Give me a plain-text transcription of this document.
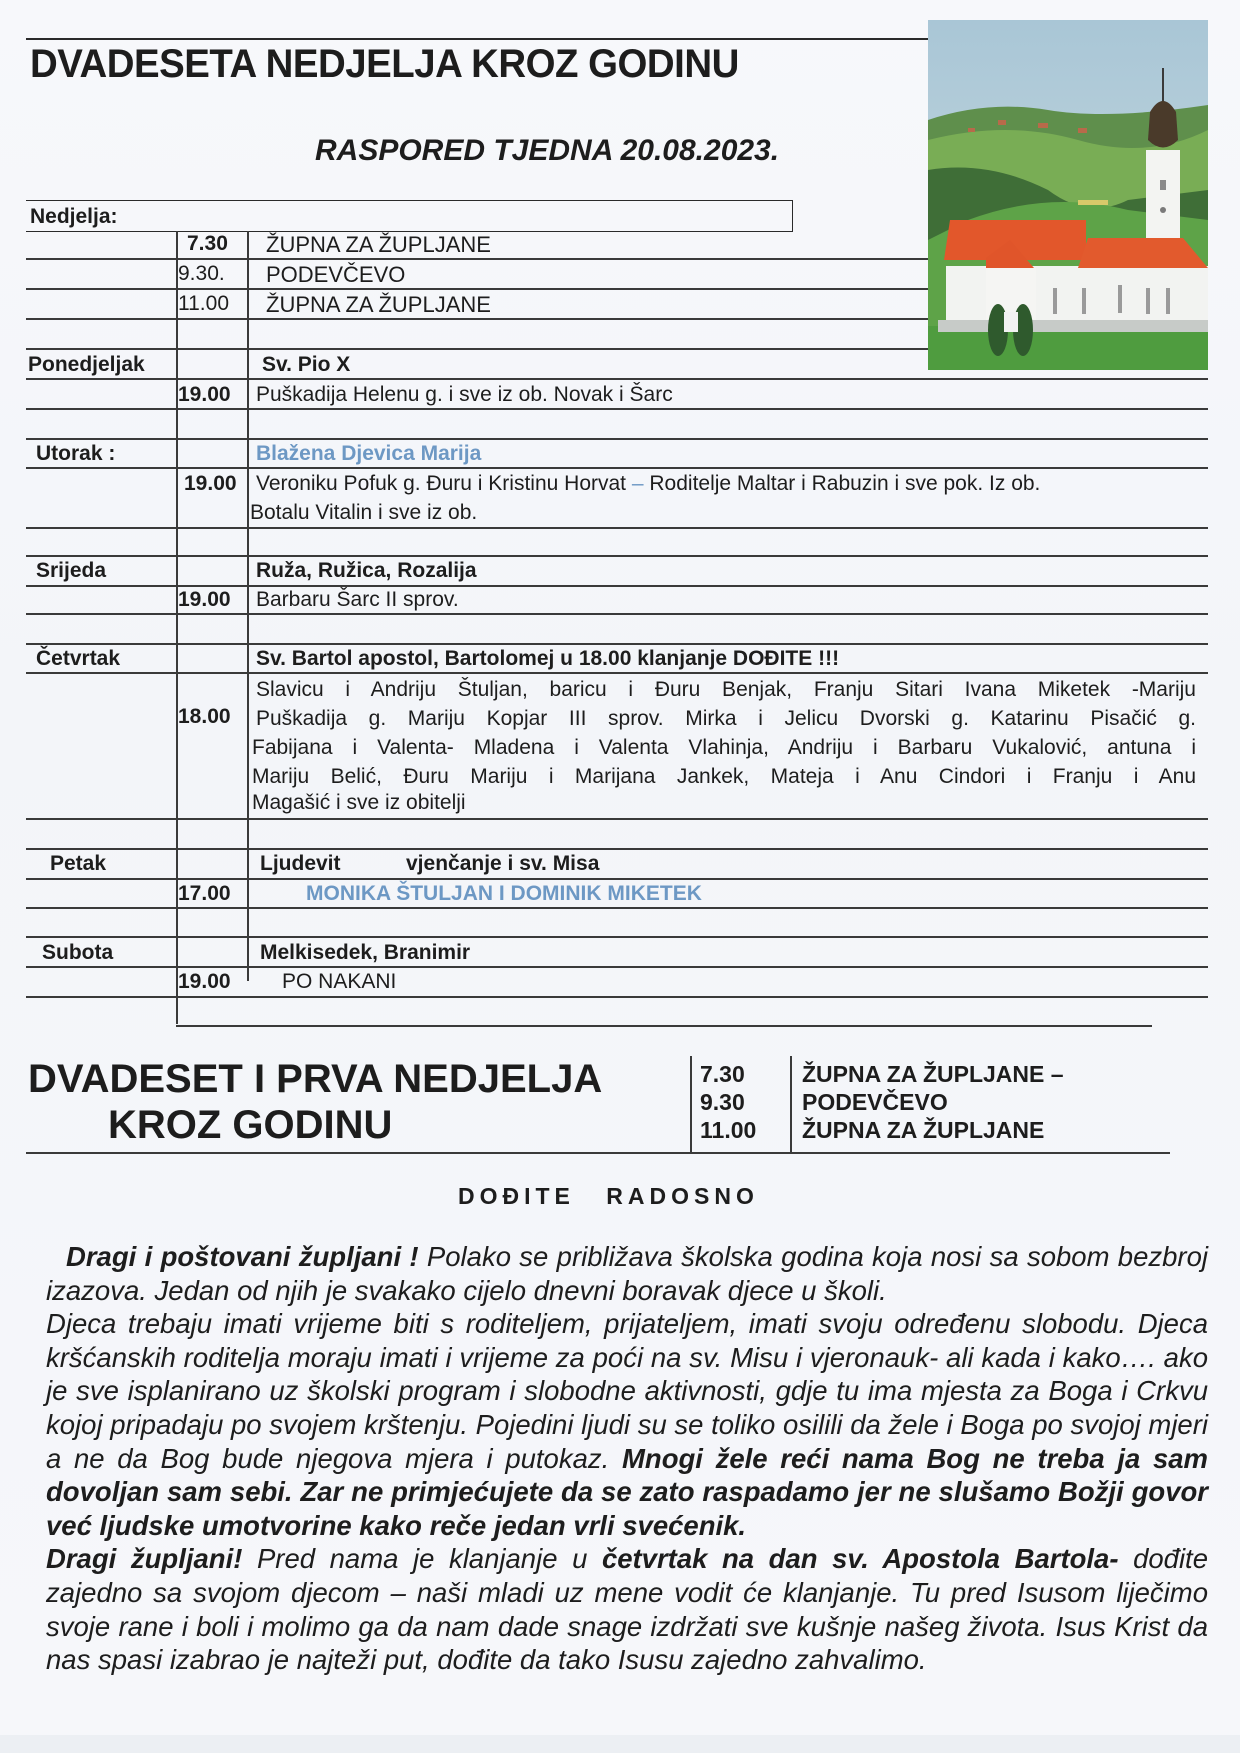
DVADESETA NEDJELJA KROZ GODINU
RASPORED TJEDNA 20.08.2023.
Nedjelja:
7.30 ŽUPNA ZA ŽUPLJANE
9.30. PODEVČEVO
11.00 ŽUPNA ZA ŽUPLJANE
Ponedjeljak	Sv. Pio X
19.00 Puškadija Helenu g. i sve iz ob. Novak i Šarc
Utorak :	Blažena Djevica Marija
19.00 Veroniku Pofuk g. Đuru i Kristinu Horvat – Roditelje Maltar i Rabuzin i sve pok. Iz ob.
Botalu Vitalin i sve iz ob.
Srijeda	Ruža, Ružica, Rozalija
19.00 Barbaru Šarc II sprov.
Četvrtak	Sv. Bartol apostol, Bartolomej u 18.00 klanjanje DOĐITE !!!
18.00
Slavicu i Andriju Štuljan, baricu i Đuru Benjak, Franju Sitari Ivana Miketek -Mariju
Puškadija g. Mariju Kopjar III sprov. Mirka i Jelicu Dvorski g. Katarinu Pisačić g.
Fabijana i Valenta- Mladena i Valenta Vlahinja, Andriju i Barbaru Vukalović, antuna i
Mariju Belić, Đuru Mariju i Marijana Jankek, Mateja i Anu Cindori i Franju i Anu
Magašić i sve iz obitelji
Petak	Ljudevit	vjenčanje i sv. Misa
17.00	MONIKA ŠTULJAN I DOMINIK MIKETEK
Subota	Melkisedek, Branimir
19.00 PO NAKANI
DVADESET I PRVA NEDJELJA
KROZ GODINU
7.30 ŽUPNA ZA ŽUPLJANE –
9.30 PODEVČEVO
11.00 ŽUPNA ZA ŽUPLJANE
DOĐITE RADOSNO
Dragi i poštovani župljani ! Polako se približava školska godina koja nosi sa sobom bezbroj izazova. Jedan od njih je svakako cijelo dnevni boravak djece u školi.
Djeca trebaju imati vrijeme biti s roditeljem, prijateljem, imati svoju određenu slobodu. Djeca kršćanskih roditelja moraju imati i vrijeme za poći na sv. Misu i vjeronauk- ali kada i kako…. ako je sve isplanirano uz školski program i slobodne aktivnosti, gdje tu ima mjesta za Boga i Crkvu kojoj pripadaju po svojem krštenju. Pojedini ljudi su se toliko osilili da žele i Boga po svojoj mjeri a ne da Bog bude njegova mjera i putokaz. Mnogi žele reći nama Bog ne treba ja sam dovoljan sam sebi. Zar ne primjećujete da se zato raspadamo jer ne slušamo Božji govor već ljudske umotvorine kako reče jedan vrli svećenik.
Dragi župljani! Pred nama je klanjanje u četvrtak na dan sv. Apostola Bartola- dođite zajedno sa svojom djecom – naši mladi uz mene vodit će klanjanje. Tu pred Isusom liječimo svoje rane i boli i molimo ga da nam dade snage izdržati sve kušnje našeg života. Isus Krist da nas spasi izabrao je najteži put, dođite da tako Isusu zajedno zahvalimo.
